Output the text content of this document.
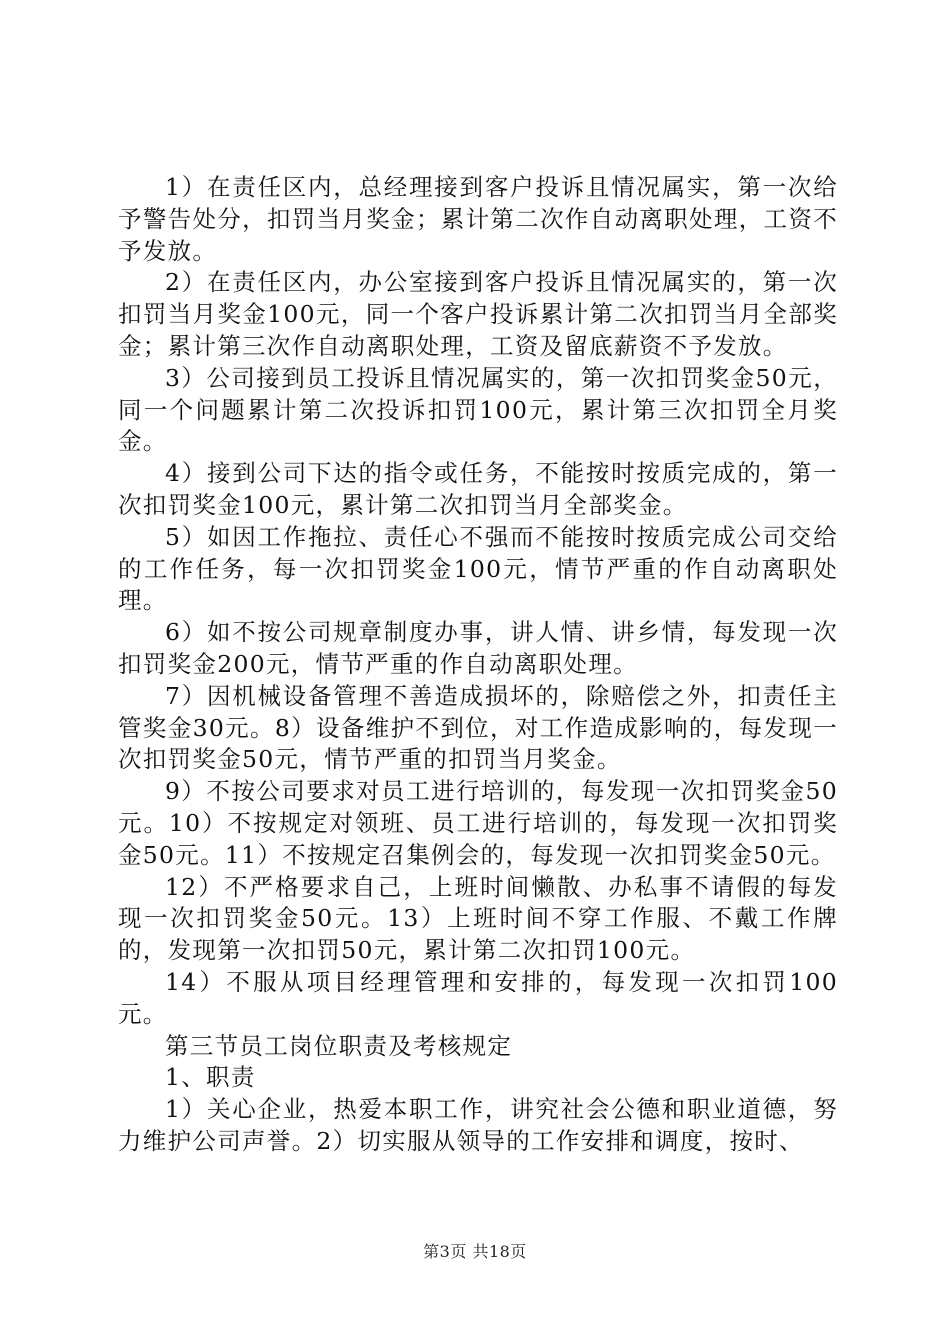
1）在责任区内，总经理接到客户投诉且情况属实，第一次给予警告处分，扣罚当月奖金；累计第二次作自动离职处理，工资不予发放。

2）在责任区内，办公室接到客户投诉且情况属实的，第一次扣罚当月奖金100元，同一个客户投诉累计第二次扣罚当月全部奖金；累计第三次作自动离职处理，工资及留底薪资不予发放。

3）公司接到员工投诉且情况属实的，第一次扣罚奖金50元，同一个问题累计第二次投诉扣罚100元，累计第三次扣罚全月奖金。

4）接到公司下达的指令或任务，不能按时按质完成的，第一次扣罚奖金100元，累计第二次扣罚当月全部奖金。

5）如因工作拖拉、责任心不强而不能按时按质完成公司交给的工作任务，每一次扣罚奖金100元，情节严重的作自动离职处理。

6）如不按公司规章制度办事，讲人情、讲乡情，每发现一次扣罚奖金200元，情节严重的作自动离职处理。

7）因机械设备管理不善造成损坏的，除赔偿之外，扣责任主管奖金30元。8）设备维护不到位，对工作造成影响的，每发现一次扣罚奖金50元，情节严重的扣罚当月奖金。

9）不按公司要求对员工进行培训的，每发现一次扣罚奖金50元。10）不按规定对领班、员工进行培训的，每发现一次扣罚奖金50元。11）不按规定召集例会的，每发现一次扣罚奖金50元。

12）不严格要求自己，上班时间懒散、办私事不请假的每发现一次扣罚奖金50元。13）上班时间不穿工作服、不戴工作牌的，发现第一次扣罚50元，累计第二次扣罚100元。

14）不服从项目经理管理和安排的，每发现一次扣罚100元。

第三节员工岗位职责及考核规定

1、职责

1）关心企业，热爱本职工作，讲究社会公德和职业道德，努力维护公司声誉。2）切实服从领导的工作安排和调度，按时、

第3页 共18页
